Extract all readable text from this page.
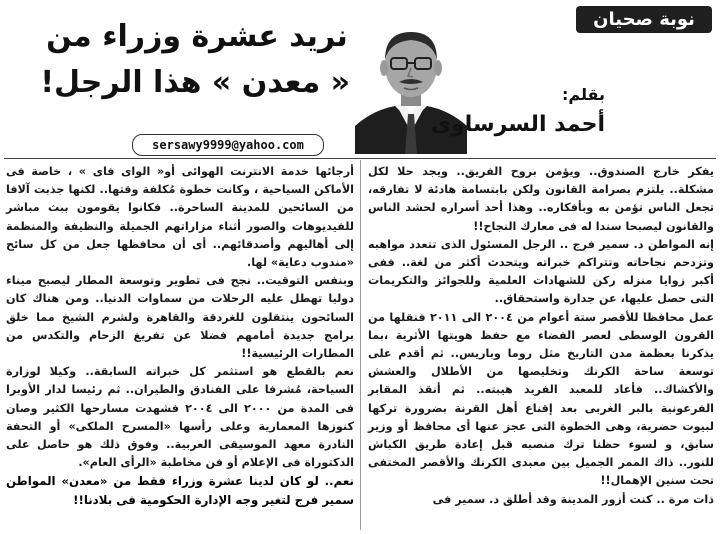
نوبة صحيان
بقلم:
أحمد السرساوى
نريد عشرة وزراء من
« معدن » هذا الرجل!
sersawy9999@yahoo.com

يفكر خارج الصندوق.. ويؤمن بروح الفريق.. ويجد حلا لكل مشكلة.. يلتزم بصرامة القانون ولكن بابتسامة هادئة لا تفارقه، تجعل الناس تؤمن به وبأفكاره.. وهذا أحد أسراره لحشد الناس والقانون ليصبحا سندا له فى معارك النجاح!!

إنه المواطن د. سمير فرج .. الرجل المسئول الذى تتعدد مواهبه وتزدحم نجاحاته وتتراكم خبراته ويتحدث أكثر من لغة.. ففى أكبر زوايا منزله ركن للشهادات العلمية وللجوائز والتكريمات التى حصل عليها، عن جدارة واستحقاق..

عمل محافظا للأقصر ستة أعوام من ٢٠٠٤ الى ٢٠١١ فنقلها من القرون الوسطى لعصر الفضاء مع حفظ هويتها الأثرية ،بما يذكرنا بعظمة مدن التاريخ مثل روما وباريس.. ثم أقدم على توسعة ساحة الكرنك وتخليصها من الأطلال والعشش والأكشاك.. فأعاد للمعبد الفريد هيبته.. ثم أنقذ المقابر الفرعونية بالبر الغربى بعد إقناع أهل القرنة بضرورة تركها لبيوت حضرية، وهى الخطوة التى عجز عنها أى محافظ أو وزير سابق، و لسوء حظنا ترك منصبه قبل إعادة طريق الكباش للنور.. ذاك الممر الجميل بين معبدى الكرنك والأقصر المختفى تحت سنين الإهمال!!

ذات مرة .. كنت أزور المدينة وقد أطلق د. سمير فى

أرجائها خدمة الانترنت الهوائى أو« الواى فاى » ، خاصة فى الأماكن السياحية ، وكانت خطوة مُكلفة وقتها.. لكنها جذبت آلافا من السائحين للمدينة الساحرة.. فكانوا يقومون ببث مباشر للفيديوهات والصور أثناء مزاراتهم الجميلة والنظيفة والمنظمة إلى أهاليهم وأصدقائهم.. أى أن محافظها جعل من كل سائح «مندوب دعاية» لها.

وبنفس التوقيت.. نجح فى تطوير وتوسعة المطار ليصبح ميناء دوليا تهطل عليه الرحلات من سماوات الدنيا.. ومن هناك كان السائحون ينتقلون للغردقة والقاهرة ولشرم الشيخ مما خلق برامج جديدة أمامهم فضلا عن تفريغ الزحام والتكدس من المطارات الرئيسية!!

نعم بالقطع هو استثمر كل خبراته السابقة.. وكيلا لوزارة السياحة، مُشرفا على الفنادق والطيران.. ثم رئيسا لدار الأوبرا فى المدة من ٢٠٠٠ الى ٢٠٠٤ فشهدت مسارحها الكثير وصان كنوزها المعمارية وعلى رأسها «المسرح الملكى» أو التحفة النادرة معهد الموسيقى العربية.. وفوق ذلك هو حاصل على الدكتوراة فى الإعلام أو فن مخاطبة «الرأى العام».

نعم.. لو كان لدينا عشرة وزراء فقط من «معدن» المواطن سمير فرج لتغير وجه الإدارة الحكومية فى بلادنا!!
